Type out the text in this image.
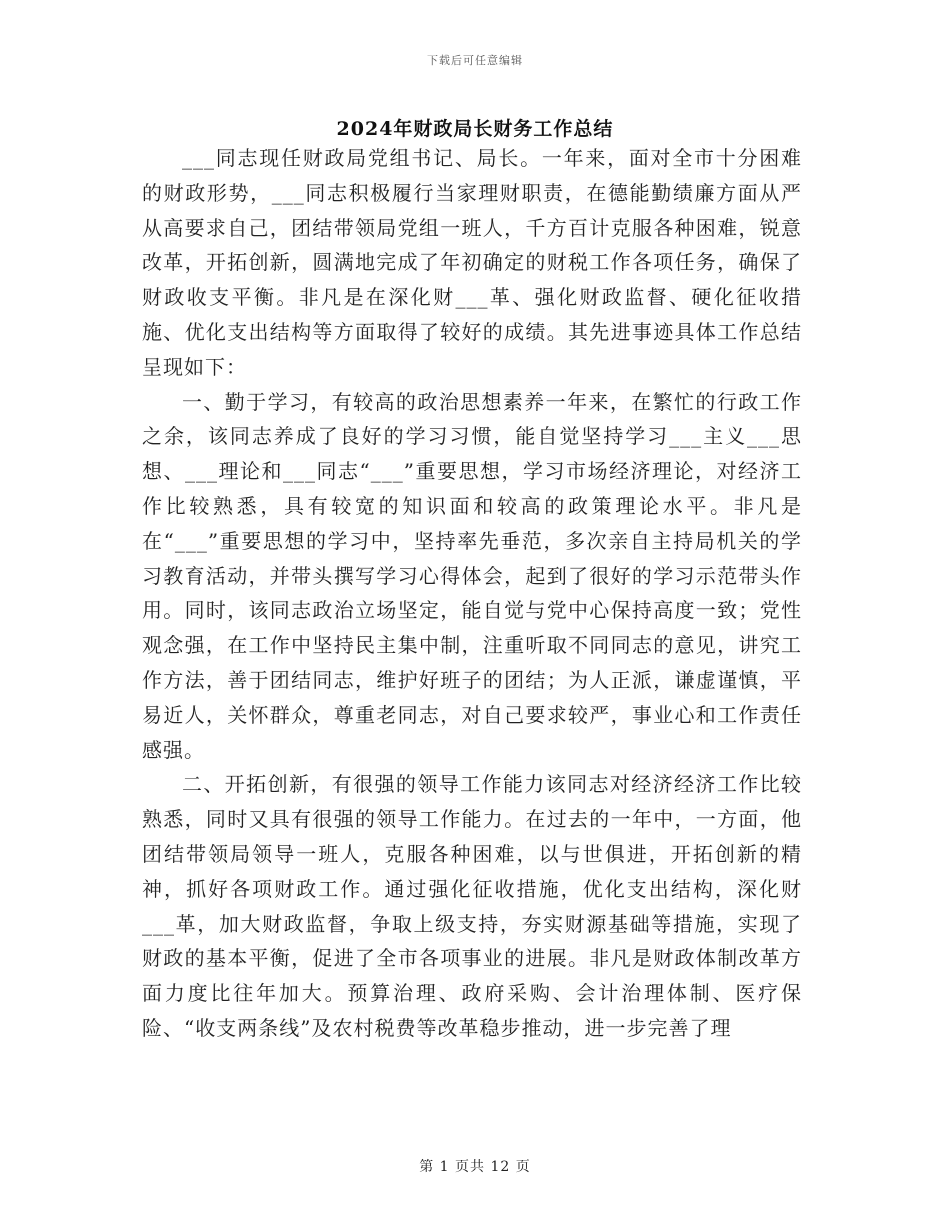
下载后可任意编辑
2024年财政局长财务工作总结

___同志现任财政局党组书记、局长。一年来，面对全市十分困难的财政形势，___同志积极履行当家理财职责，在德能勤绩廉方面从严从高要求自己，团结带领局党组一班人，千方百计克服各种困难，锐意改革，开拓创新，圆满地完成了年初确定的财税工作各项任务，确保了财政收支平衡。非凡是在深化财___革、强化财政监督、硬化征收措施、优化支出结构等方面取得了较好的成绩。其先进事迹具体工作总结呈现如下：

一、勤于学习，有较高的政治思想素养一年来，在繁忙的行政工作之余，该同志养成了良好的学习习惯，能自觉坚持学习___主义___思想、___理论和___同志“___”重要思想，学习市场经济理论，对经济工作比较熟悉，具有较宽的知识面和较高的政策理论水平。非凡是在“___”重要思想的学习中，坚持率先垂范，多次亲自主持局机关的学习教育活动，并带头撰写学习心得体会，起到了很好的学习示范带头作用。同时，该同志政治立场坚定，能自觉与党中心保持高度一致；党性观念强，在工作中坚持民主集中制，注重听取不同同志的意见，讲究工作方法，善于团结同志，维护好班子的团结；为人正派，谦虚谨慎，平易近人，关怀群众，尊重老同志，对自己要求较严，事业心和工作责任感强。

二、开拓创新，有很强的领导工作能力该同志对经济经济工作比较熟悉，同时又具有很强的领导工作能力。在过去的一年中，一方面，他团结带领局领导一班人，克服各种困难，以与世俱进，开拓创新的精神，抓好各项财政工作。通过强化征收措施，优化支出结构，深化财___革，加大财政监督，争取上级支持，夯实财源基础等措施，实现了财政的基本平衡，促进了全市各项事业的进展。非凡是财政体制改革方面力度比往年加大。预算治理、政府采购、会计治理体制、医疗保险、“收支两条线”及农村税费等改革稳步推动，进一步完善了理

第 1 页共 12 页
